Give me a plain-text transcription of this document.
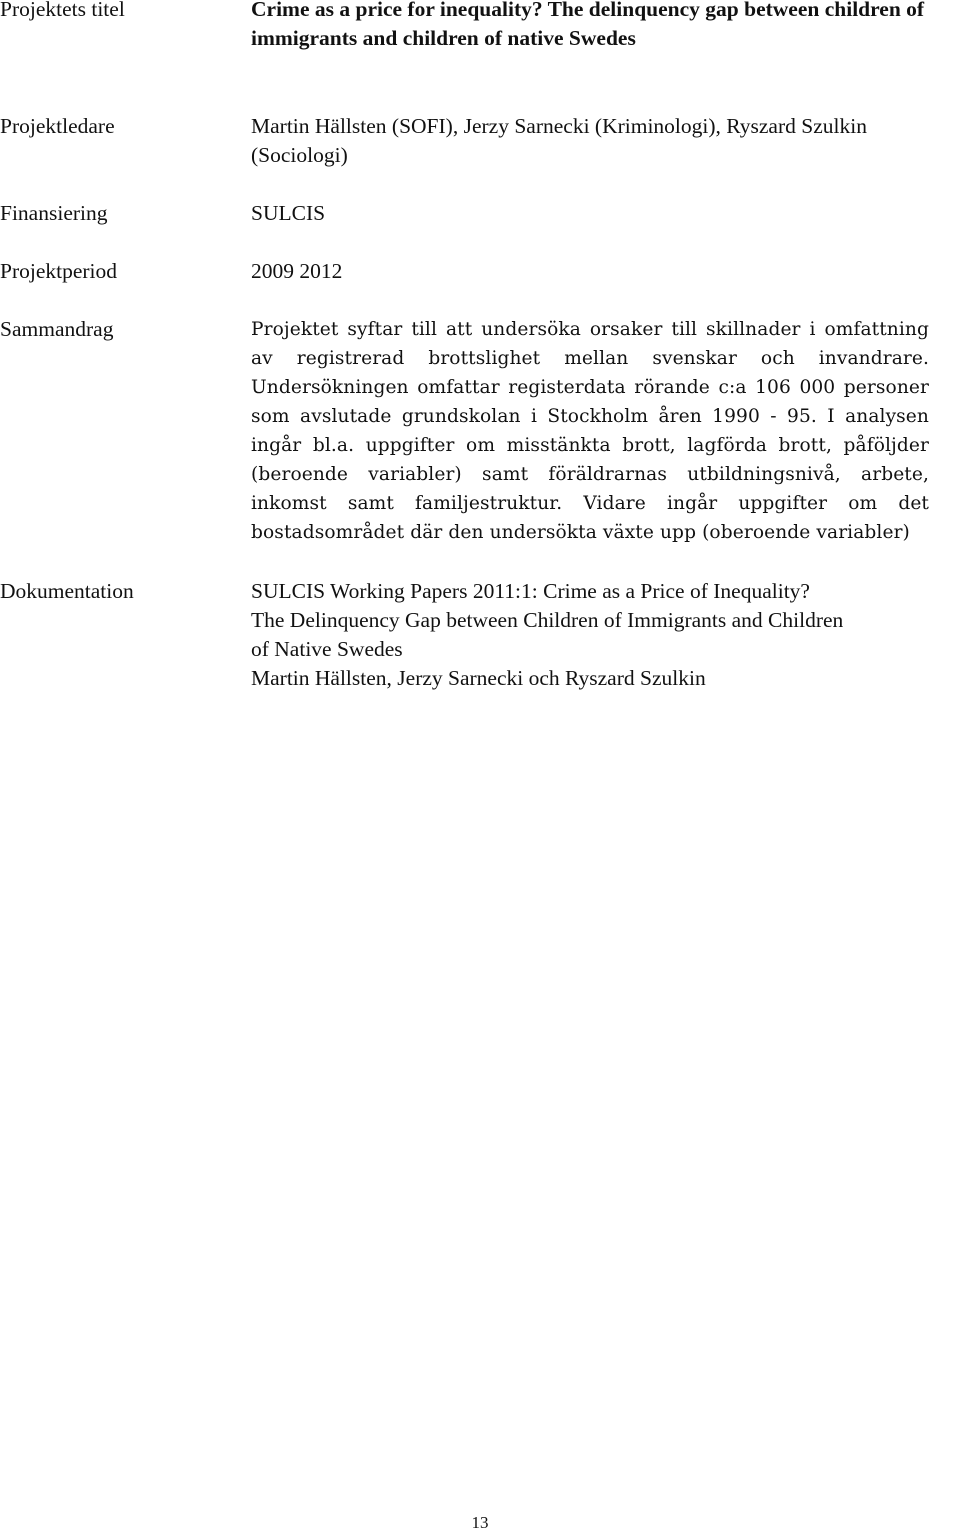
Projektets titel	Crime as a price for inequality? The delinquency gap between children of immigrants and children of native Swedes
Projektledare	Martin Hällsten (SOFI), Jerzy Sarnecki (Kriminologi), Ryszard Szulkin (Sociologi)
Finansiering	SULCIS
Projektperiod	2009 2012
Sammandrag	Projektet syftar till att undersöka orsaker till skillnader i omfattning av registrerad brottslighet mellan svenskar och invandrare. Undersökningen omfattar registerdata rörande c:a 106 000 personer som avslutade grundskolan i Stockholm åren 1990 - 95. I analysen ingår bl.a. uppgifter om misstänkta brott, lagförda brott, påföljder (beroende variabler) samt föräldrarnas utbildningsnivå, arbete, inkomst samt familjestruktur. Vidare ingår uppgifter om det bostadsområdet där den undersökta växte upp (oberoende variabler)
Dokumentation	SULCIS Working Papers 2011:1: Crime as a Price of Inequality?
The Delinquency Gap between Children of Immigrants and Children
of Native Swedes
Martin Hällsten, Jerzy Sarnecki och Ryszard Szulkin
13
